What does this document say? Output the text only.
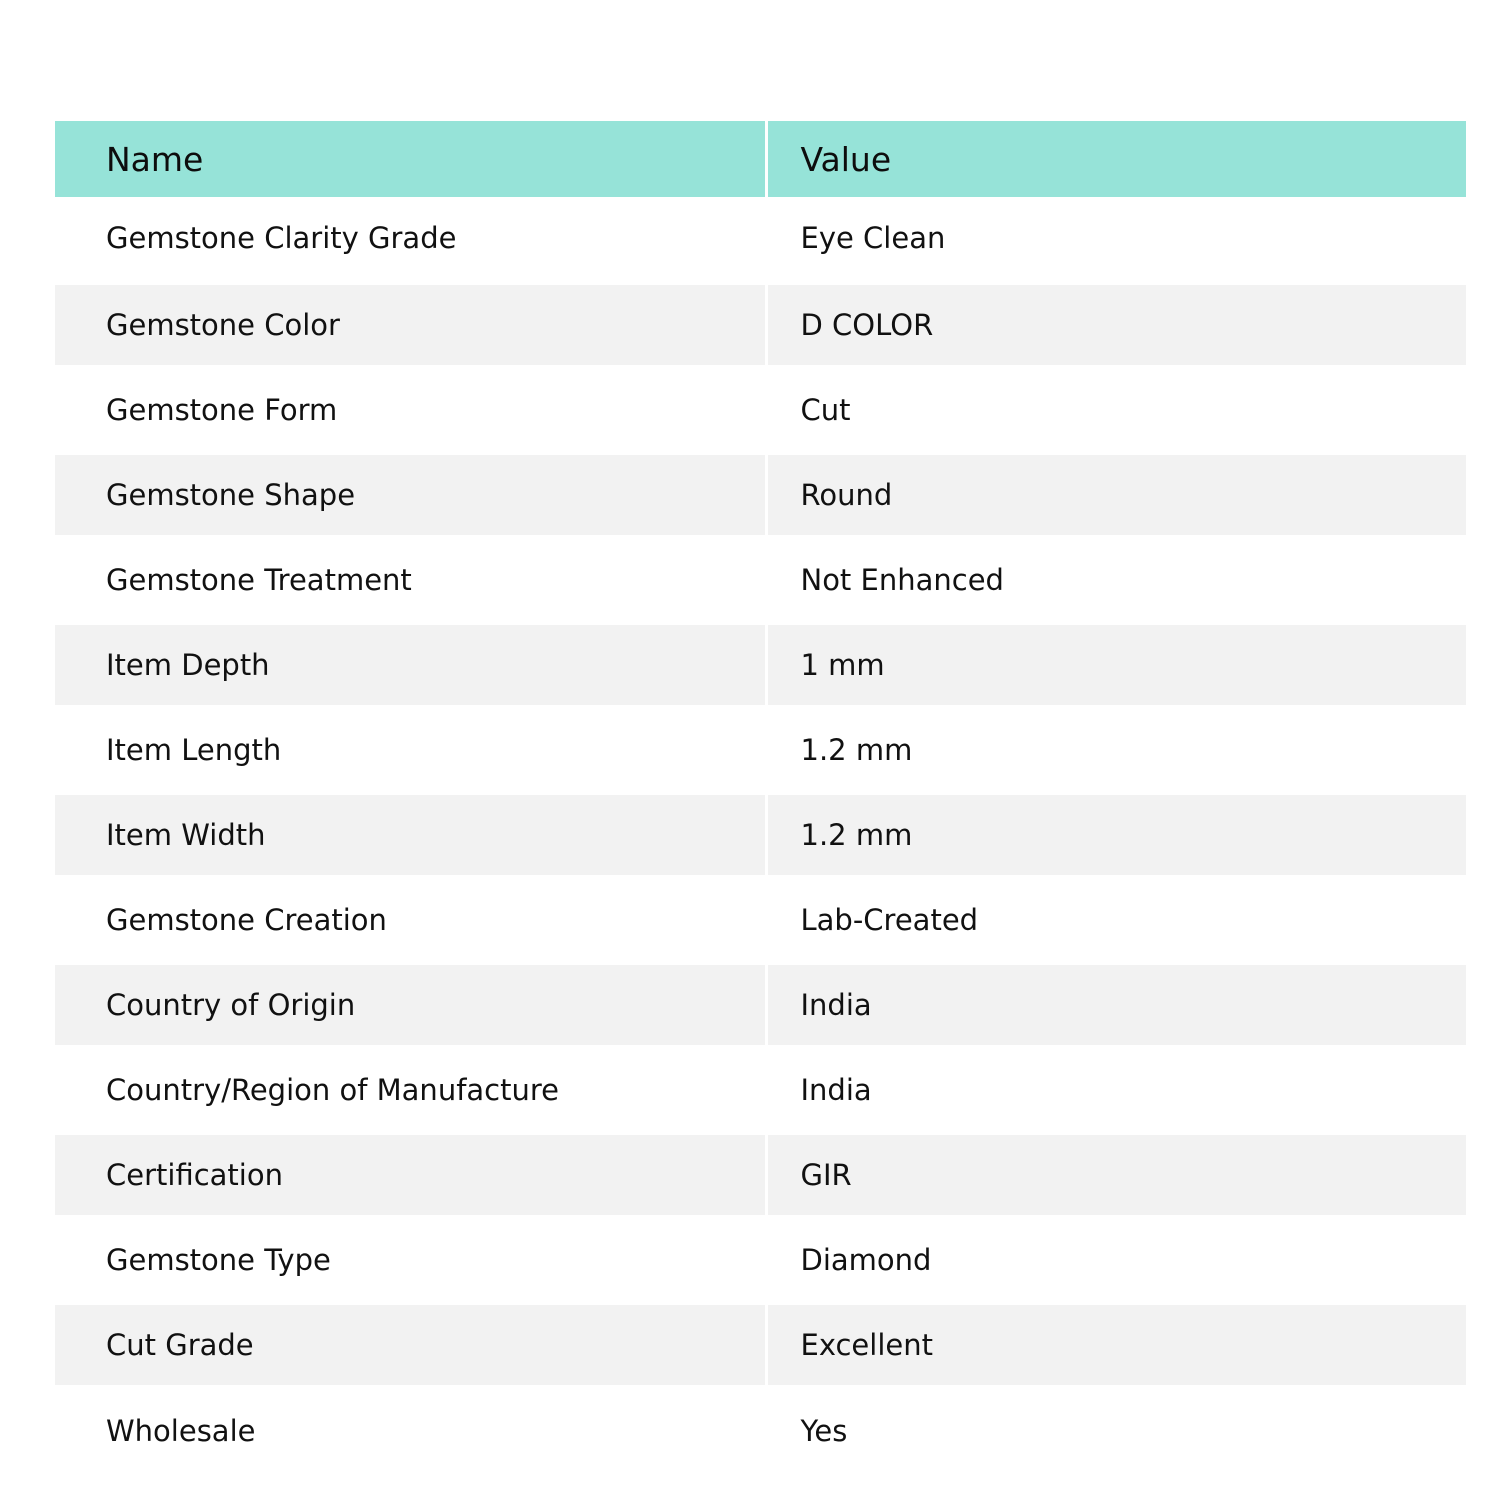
Name	Value
Gemstone Clarity Grade	Eye Clean
Gemstone Color	D COLOR
Gemstone Form	Cut
Gemstone Shape	Round
Gemstone Treatment	Not Enhanced
Item Depth	1 mm
Item Length	1.2 mm
Item Width	1.2 mm
Gemstone Creation	Lab-Created
Country of Origin	India
Country/Region of Manufacture	India
Certification	GIR
Gemstone Type	Diamond
Cut Grade	Excellent
Wholesale	Yes
